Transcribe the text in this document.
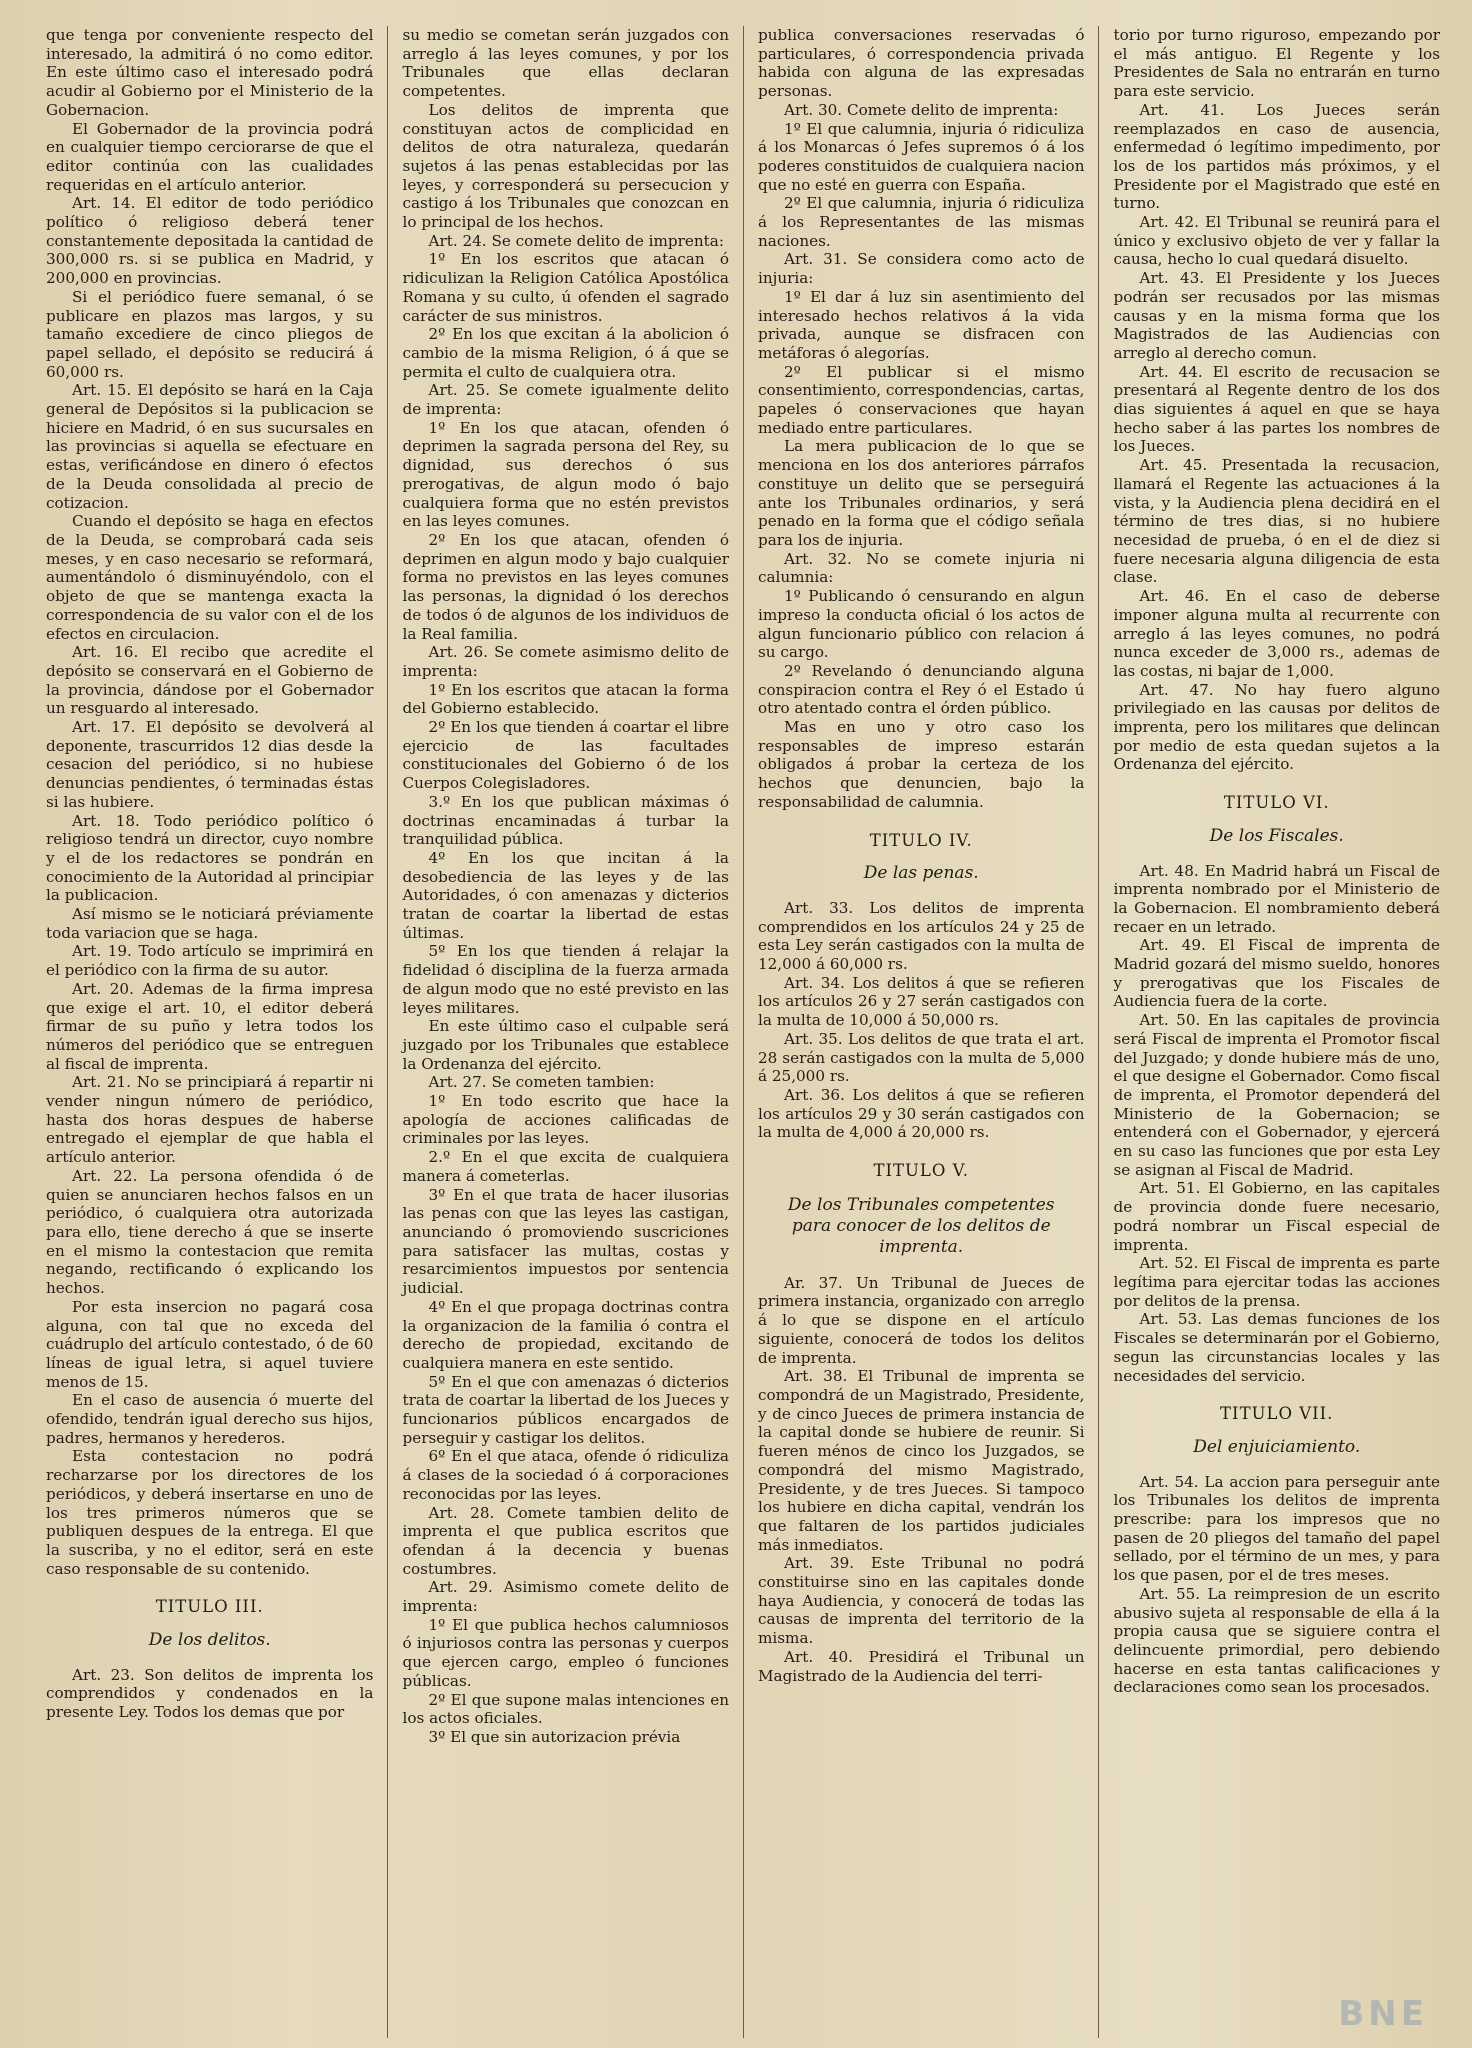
que tenga por conveniente respecto del interesado, la admitirá ó no como editor. En este último caso el interesado podrá acudir al Gobierno por el Ministerio de la Gobernacion.

El Gobernador de la provincia podrá en cualquier tiempo cerciorarse de que el editor continúa con las cualidades requeridas en el artículo anterior.

Art. 14. El editor de todo periódico político ó religioso deberá tener constantemente depositada la cantidad de 300,000 rs. si se publica en Madrid, y 200,000 en provincias.

Si el periódico fuere semanal, ó se publicare en plazos mas largos, y su tamaño excediere de cinco pliegos de papel sellado, el depósito se reducirá á 60,000 rs.

Art. 15. El depósito se hará en la Caja general de Depósitos si la publicacion se hiciere en Madrid, ó en sus sucursales en las provincias si aquella se efectuare en estas, verificándose en dinero ó efectos de la Deuda consolidada al precio de cotizacion.

Cuando el depósito se haga en efectos de la Deuda, se comprobará cada seis meses, y en caso necesario se reformará, aumentándolo ó disminuyéndolo, con el objeto de que se mantenga exacta la correspondencia de su valor con el de los efectos en circulacion.

Art. 16. El recibo que acredite el depósito se conservará en el Gobierno de la provincia, dándose por el Gobernador un resguardo al interesado.

Art. 17. El depósito se devolverá al deponente, trascurridos 12 dias desde la cesacion del periódico, si no hubiese denuncias pendientes, ó terminadas éstas si las hubiere.

Art. 18. Todo periódico político ó religioso tendrá un director, cuyo nombre y el de los redactores se pondrán en conocimiento de la Autoridad al principiar la publicacion.

Así mismo se le noticiará préviamente toda variacion que se haga.

Art. 19. Todo artículo se imprimirá en el periódico con la firma de su autor.

Art. 20. Ademas de la firma impresa que exige el art. 10, el editor deberá firmar de su puño y letra todos los números del periódico que se entreguen al fiscal de imprenta.

Art. 21. No se principiará á repartir ni vender ningun número de periódico, hasta dos horas despues de haberse entregado el ejemplar de que habla el artículo anterior.

Art. 22. La persona ofendida ó de quien se anunciaren hechos falsos en un periódico, ó cualquiera otra autorizada para ello, tiene derecho á que se inserte en el mismo la contestacion que remita negando, rectificando ó explicando los hechos.

Por esta insercion no pagará cosa alguna, con tal que no exceda del cuádruplo del artículo contestado, ó de 60 líneas de igual letra, si aquel tuviere menos de 15.

En el caso de ausencia ó muerte del ofendido, tendrán igual derecho sus hijos, padres, hermanos y herederos.

Esta contestacion no podrá recharzarse por los directores de los periódicos, y deberá insertarse en uno de los tres primeros números que se publiquen despues de la entrega. El que la suscriba, y no el editor, será en este caso responsable de su contenido.

TITULO III.

De los delitos.

Art. 23. Son delitos de imprenta los comprendidos y condenados en la presente Ley. Todos los demas que por

su medio se cometan serán juzgados con arreglo á las leyes comunes, y por los Tribunales que ellas declaran competentes.

Los delitos de imprenta que constituyan actos de complicidad en delitos de otra naturaleza, quedarán sujetos á las penas establecidas por las leyes, y corresponderá su persecucion y castigo á los Tribunales que conozcan en lo principal de los hechos.

Art. 24. Se comete delito de imprenta:

1º En los escritos que atacan ó ridiculizan la Religion Católica Apostólica Romana y su culto, ú ofenden el sagrado carácter de sus ministros.

2º En los que excitan á la abolicion ó cambio de la misma Religion, ó á que se permita el culto de cualquiera otra.

Art. 25. Se comete igualmente delito de imprenta:

1º En los que atacan, ofenden ó deprimen la sagrada persona del Rey, su dignidad, sus derechos ó sus prerogativas, de algun modo ó bajo cualquiera forma que no estén previstos en las leyes comunes.

2º En los que atacan, ofenden ó deprimen en algun modo y bajo cualquier forma no previstos en las leyes comunes las personas, la dignidad ó los derechos de todos ó de algunos de los individuos de la Real familia.

Art. 26. Se comete asimismo delito de imprenta:

1º En los escritos que atacan la forma del Gobierno establecido.

2º En los que tienden á coartar el libre ejercicio de las facultades constitucionales del Gobierno ó de los Cuerpos Colegisladores.

3.º En los que publican máximas ó doctrinas encaminadas á turbar la tranquilidad pública.

4º En los que incitan á la desobediencia de las leyes y de las Autoridades, ó con amenazas y dicterios tratan de coartar la libertad de estas últimas.

5º En los que tienden á relajar la fidelidad ó disciplina de la fuerza armada de algun modo que no esté previsto en las leyes militares.

En este último caso el culpable será juzgado por los Tribunales que establece la Ordenanza del ejército.

Art. 27. Se cometen tambien:

1º En todo escrito que hace la apología de acciones calificadas de criminales por las leyes.

2.º En el que excita de cualquiera manera á cometerlas.

3º En el que trata de hacer ilusorias las penas con que las leyes las castigan, anunciando ó promoviendo suscriciones para satisfacer las multas, costas y resarcimientos impuestos por sentencia judicial.

4º En el que propaga doctrinas contra la organizacion de la familia ó contra el derecho de propiedad, excitando de cualquiera manera en este sentido.

5º En el que con amenazas ó dicterios trata de coartar la libertad de los Jueces y funcionarios públicos encargados de perseguir y castigar los delitos.

6º En el que ataca, ofende ó ridiculiza á clases de la sociedad ó á corporaciones reconocidas por las leyes.

Art. 28. Comete tambien delito de imprenta el que publica escritos que ofendan á la decencia y buenas costumbres.

Art. 29. Asimismo comete delito de imprenta:

1º El que publica hechos calumniosos ó injuriosos contra las personas y cuerpos que ejercen cargo, empleo ó funciones públicas.

2º El que supone malas intenciones en los actos oficiales.

3º El que sin autorizacion prévia

publica conversaciones reservadas ó particulares, ó correspondencia privada habida con alguna de las expresadas personas.

Art. 30. Comete delito de imprenta:

1º El que calumnia, injuria ó ridiculiza á los Monarcas ó Jefes supremos ó á los poderes constituidos de cualquiera nacion que no esté en guerra con España.

2º El que calumnia, injuria ó ridiculiza á los Representantes de las mismas naciones.

Art. 31. Se considera como acto de injuria:

1º El dar á luz sin asentimiento del interesado hechos relativos á la vida privada, aunque se disfracen con metáforas ó alegorías.

2º El publicar si el mismo consentimiento, correspondencias, cartas, papeles ó conservaciones que hayan mediado entre particulares.

La mera publicacion de lo que se menciona en los dos anteriores párrafos constituye un delito que se perseguirá ante los Tribunales ordinarios, y será penado en la forma que el código señala para los de injuria.

Art. 32. No se comete injuria ni calumnia:

1º Publicando ó censurando en algun impreso la conducta oficial ó los actos de algun funcionario público con relacion á su cargo.

2º Revelando ó denunciando alguna conspiracion contra el Rey ó el Estado ú otro atentado contra el órden público.

Mas en uno y otro caso los responsables de impreso estarán obligados á probar la certeza de los hechos que denuncien, bajo la responsabilidad de calumnia.

TITULO IV.

De las penas.

Art. 33. Los delitos de imprenta comprendidos en los artículos 24 y 25 de esta Ley serán castigados con la multa de 12,000 á 60,000 rs.

Art. 34. Los delitos á que se refieren los artículos 26 y 27 serán castigados con la multa de 10,000 á 50,000 rs.

Art. 35. Los delitos de que trata el art. 28 serán castigados con la multa de 5,000 á 25,000 rs.

Art. 36. Los delitos á que se refieren los artículos 29 y 30 serán castigados con la multa de 4,000 á 20,000 rs.

TITULO V.

De los Tribunales competentes para conocer de los delitos de imprenta.

Ar. 37. Un Tribunal de Jueces de primera instancia, organizado con arreglo á lo que se dispone en el artículo siguiente, conocerá de todos los delitos de imprenta.

Art. 38. El Tribunal de imprenta se compondrá de un Magistrado, Presidente, y de cinco Jueces de primera instancia de la capital donde se hubiere de reunir. Si fueren ménos de cinco los Juzgados, se compondrá del mismo Magistrado, Presidente, y de tres Jueces. Si tampoco los hubiere en dicha capital, vendrán los que faltaren de los partidos judiciales más inmediatos.

Art. 39. Este Tribunal no podrá constituirse sino en las capitales donde haya Audiencia, y conocerá de todas las causas de imprenta del territorio de la misma.

Art. 40. Presidirá el Tribunal un Magistrado de la Audiencia del terri-

torio por turno riguroso, empezando por el más antiguo. El Regente y los Presidentes de Sala no entrarán en turno para este servicio.

Art. 41. Los Jueces serán reemplazados en caso de ausencia, enfermedad ó legítimo impedimento, por los de los partidos más próximos, y el Presidente por el Magistrado que esté en turno.

Art. 42. El Tribunal se reunirá para el único y exclusivo objeto de ver y fallar la causa, hecho lo cual quedará disuelto.

Art. 43. El Presidente y los Jueces podrán ser recusados por las mismas causas y en la misma forma que los Magistrados de las Audiencias con arreglo al derecho comun.

Art. 44. El escrito de recusacion se presentará al Regente dentro de los dos dias siguientes á aquel en que se haya hecho saber á las partes los nombres de los Jueces.

Art. 45. Presentada la recusacion, llamará el Regente las actuaciones á la vista, y la Audiencia plena decidirá en el término de tres dias, si no hubiere necesidad de prueba, ó en el de diez si fuere necesaria alguna diligencia de esta clase.

Art. 46. En el caso de deberse imponer alguna multa al recurrente con arreglo á las leyes comunes, no podrá nunca exceder de 3,000 rs., ademas de las costas, ni bajar de 1,000.

Art. 47. No hay fuero alguno privilegiado en las causas por delitos de imprenta, pero los militares que delincan por medio de esta quedan sujetos a la Ordenanza del ejército.

TITULO VI.

De los Fiscales.

Art. 48. En Madrid habrá un Fiscal de imprenta nombrado por el Ministerio de la Gobernacion. El nombramiento deberá recaer en un letrado.

Art. 49. El Fiscal de imprenta de Madrid gozará del mismo sueldo, honores y prerogativas que los Fiscales de Audiencia fuera de la corte.

Art. 50. En las capitales de provincia será Fiscal de imprenta el Promotor fiscal del Juzgado; y donde hubiere más de uno, el que designe el Gobernador. Como fiscal de imprenta, el Promotor dependerá del Ministerio de la Gobernacion; se entenderá con el Gobernador, y ejercerá en su caso las funciones que por esta Ley se asignan al Fiscal de Madrid.

Art. 51. El Gobierno, en las capitales de provincia donde fuere necesario, podrá nombrar un Fiscal especial de imprenta.

Art. 52. El Fiscal de imprenta es parte legítima para ejercitar todas las acciones por delitos de la prensa.

Art. 53. Las demas funciones de los Fiscales se determinarán por el Gobierno, segun las circunstancias locales y las necesidades del servicio.

TITULO VII.

Del enjuiciamiento.

Art. 54. La accion para perseguir ante los Tribunales los delitos de imprenta prescribe: para los impresos que no pasen de 20 pliegos del tamaño del papel sellado, por el término de un mes, y para los que pasen, por el de tres meses.

Art. 55. La reimpresion de un escrito abusivo sujeta al responsable de ella á la propia causa que se siguiere contra el delincuente primordial, pero debiendo hacerse en esta tantas calificaciones y declaraciones como sean los procesados.

BNE
